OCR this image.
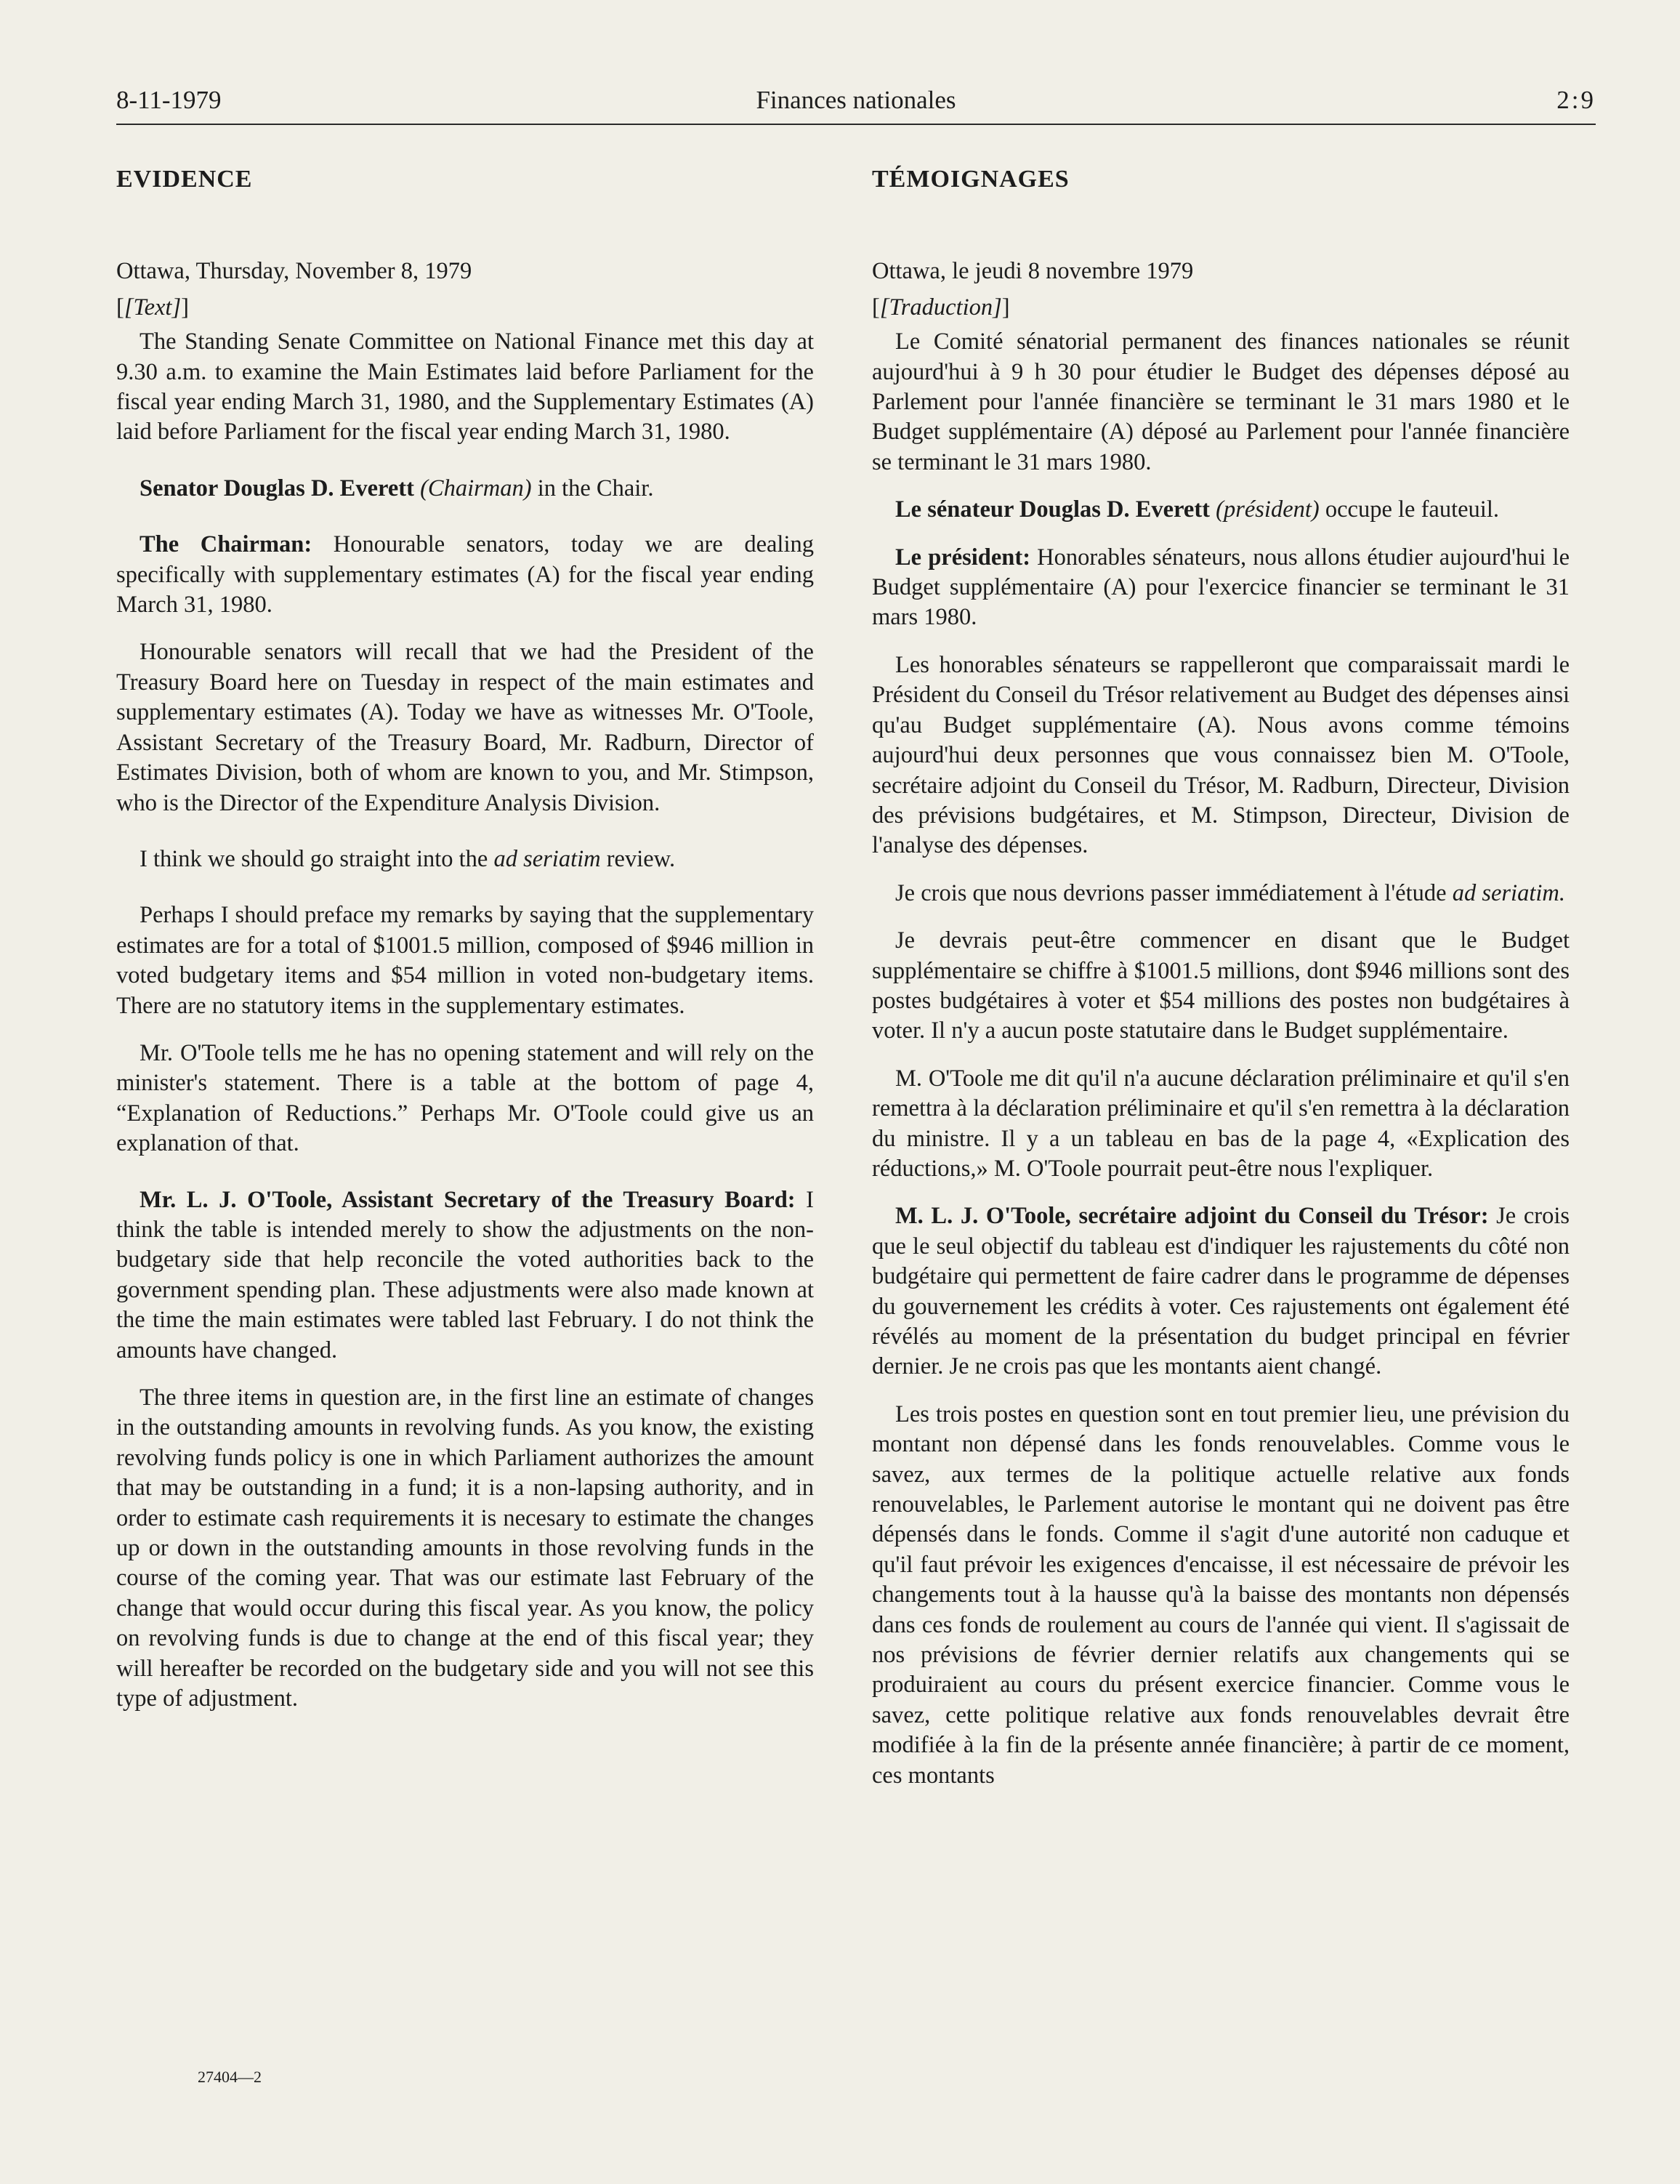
8-11-1979	Finances nationales	2:9
EVIDENCE

Ottawa, Thursday, November 8, 1979

[[Text]]

The Standing Senate Committee on National Finance met this day at 9.30 a.m. to examine the Main Estimates laid before Parliament for the fiscal year ending March 31, 1980, and the Supplementary Estimates (A) laid before Parliament for the fiscal year ending March 31, 1980.

Senator Douglas D. Everett (Chairman) in the Chair.

The Chairman: Honourable senators, today we are dealing specifically with supplementary estimates (A) for the fiscal year ending March 31, 1980.

Honourable senators will recall that we had the President of the Treasury Board here on Tuesday in respect of the main estimates and supplementary estimates (A). Today we have as witnesses Mr. O'Toole, Assistant Secretary of the Treasury Board, Mr. Radburn, Director of Estimates Division, both of whom are known to you, and Mr. Stimpson, who is the Director of the Expenditure Analysis Division.

I think we should go straight into the ad seriatim review.

Perhaps I should preface my remarks by saying that the supplementary estimates are for a total of $1001.5 million, composed of $946 million in voted budgetary items and $54 million in voted non-budgetary items. There are no statutory items in the supplementary estimates.

Mr. O'Toole tells me he has no opening statement and will rely on the minister's statement. There is a table at the bottom of page 4, “Explanation of Reductions.” Perhaps Mr. O'Toole could give us an explanation of that.

Mr. L. J. O'Toole, Assistant Secretary of the Treasury Board: I think the table is intended merely to show the adjustments on the non-budgetary side that help reconcile the voted authorities back to the government spending plan. These adjustments were also made known at the time the main estimates were tabled last February. I do not think the amounts have changed.

The three items in question are, in the first line an estimate of changes in the outstanding amounts in revolving funds. As you know, the existing revolving funds policy is one in which Parliament authorizes the amount that may be outstanding in a fund; it is a non-lapsing authority, and in order to estimate cash requirements it is necesary to estimate the changes up or down in the outstanding amounts in those revolving funds in the course of the coming year. That was our estimate last February of the change that would occur during this fiscal year. As you know, the policy on revolving funds is due to change at the end of this fiscal year; they will hereafter be recorded on the budgetary side and you will not see this type of adjustment.

TÉMOIGNAGES

Ottawa, le jeudi 8 novembre 1979

[[Traduction]]

Le Comité sénatorial permanent des finances nationales se réunit aujourd'hui à 9 h 30 pour étudier le Budget des dépenses déposé au Parlement pour l'année financière se terminant le 31 mars 1980 et le Budget supplémentaire (A) déposé au Parlement pour l'année financière se terminant le 31 mars 1980.

Le sénateur Douglas D. Everett (président) occupe le fauteuil.

Le président: Honorables sénateurs, nous allons étudier aujourd'hui le Budget supplémentaire (A) pour l'exercice financier se terminant le 31 mars 1980.

Les honorables sénateurs se rappelleront que comparaissait mardi le Président du Conseil du Trésor relativement au Budget des dépenses ainsi qu'au Budget supplémentaire (A). Nous avons comme témoins aujourd'hui deux personnes que vous connaissez bien M. O'Toole, secrétaire adjoint du Conseil du Trésor, M. Radburn, Directeur, Division des prévisions budgétaires, et M. Stimpson, Directeur, Division de l'analyse des dépenses.

Je crois que nous devrions passer immédiatement à l'étude ad seriatim.

Je devrais peut-être commencer en disant que le Budget supplémentaire se chiffre à $1001.5 millions, dont $946 millions sont des postes budgétaires à voter et $54 millions des postes non budgétaires à voter. Il n'y a aucun poste statutaire dans le Budget supplémentaire.

M. O'Toole me dit qu'il n'a aucune déclaration préliminaire et qu'il s'en remettra à la déclaration préliminaire et qu'il s'en remettra à la déclaration du ministre. Il y a un tableau en bas de la page 4, «Explication des réductions,» M. O'Toole pourrait peut-être nous l'expliquer.

M. L. J. O'Toole, secrétaire adjoint du Conseil du Trésor: Je crois que le seul objectif du tableau est d'indiquer les rajustements du côté non budgétaire qui permettent de faire cadrer dans le programme de dépenses du gouvernement les crédits à voter. Ces rajustements ont également été révélés au moment de la présentation du budget principal en février dernier. Je ne crois pas que les montants aient changé.

Les trois postes en question sont en tout premier lieu, une prévision du montant non dépensé dans les fonds renouvelables. Comme vous le savez, aux termes de la politique actuelle relative aux fonds renouvelables, le Parlement autorise le montant qui ne doivent pas être dépensés dans le fonds. Comme il s'agit d'une autorité non caduque et qu'il faut prévoir les exigences d'encaisse, il est nécessaire de prévoir les changements tout à la hausse qu'à la baisse des montants non dépensés dans ces fonds de roulement au cours de l'année qui vient. Il s'agissait de nos prévisions de février dernier relatifs aux changements qui se produiraient au cours du présent exercice financier. Comme vous le savez, cette politique relative aux fonds renouvelables devrait être modifiée à la fin de la présente année financière; à partir de ce moment, ces montants

27404—2
